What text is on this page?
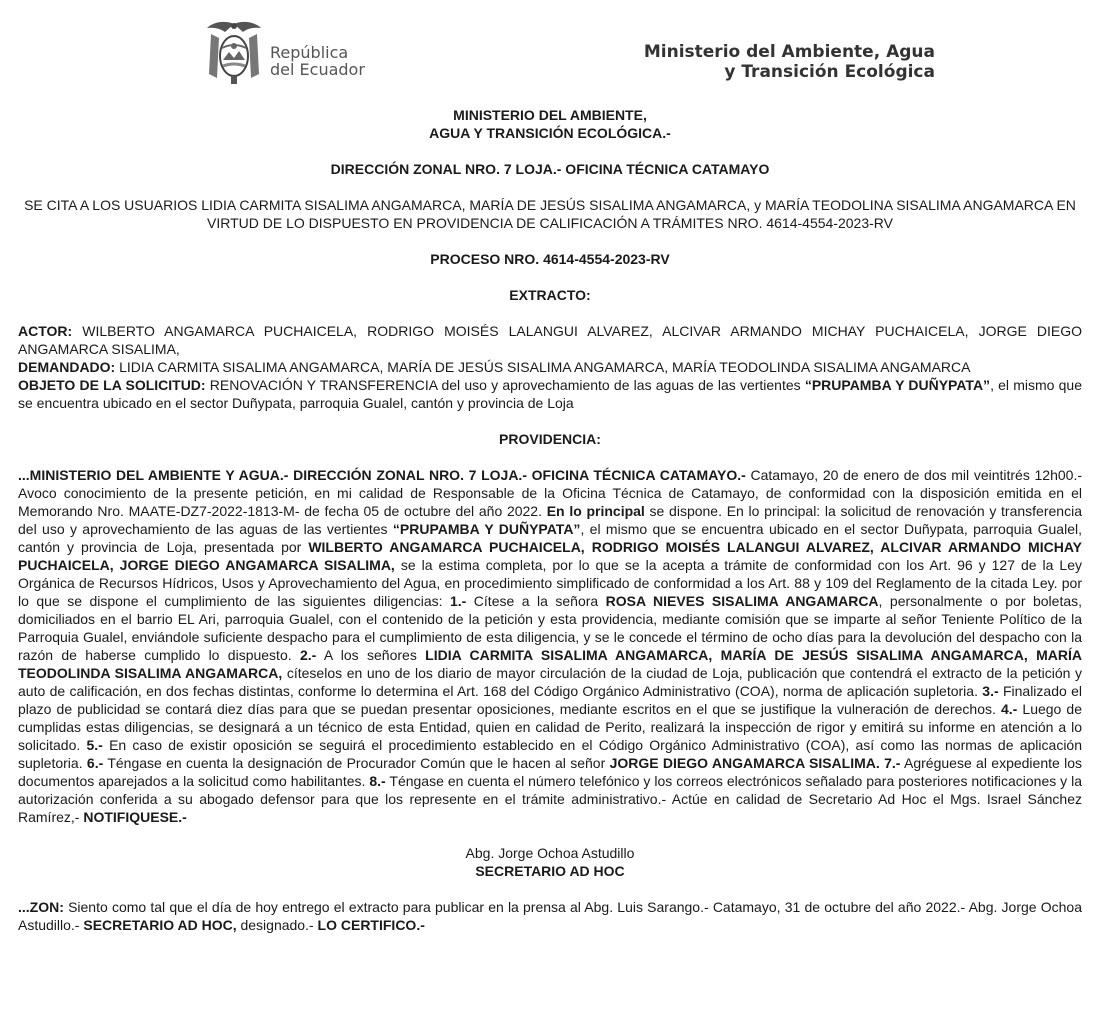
República
del Ecuador
Ministerio del Ambiente, Agua
y Transición Ecológica

MINISTERIO DEL AMBIENTE,

AGUA Y TRANSICIÓN ECOLÓGICA.-

DIRECCIÓN ZONAL NRO. 7 LOJA.- OFICINA TÉCNICA CATAMAYO

SE CITA A LOS USUARIOS LIDIA CARMITA SISALIMA ANGAMARCA, MARÍA DE JESÚS SISALIMA ANGAMARCA, y MARÍA TEODOLINA SISALIMA ANGAMARCA EN VIRTUD DE LO DISPUESTO EN PROVIDENCIA DE CALIFICACIÓN A TRÁMITES NRO. 4614-4554-2023-RV

PROCESO NRO. 4614-4554-2023-RV

EXTRACTO:

ACTOR: WILBERTO ANGAMARCA PUCHAICELA, RODRIGO MOISÉS LALANGUI ALVAREZ, ALCIVAR ARMANDO MICHAY PUCHAICELA, JORGE DIEGO ANGAMARCA SISALIMA,

DEMANDADO: LIDIA CARMITA SISALIMA ANGAMARCA, MARÍA DE JESÚS SISALIMA ANGAMARCA, MARÍA TEODOLINDA SISALIMA ANGAMARCA

OBJETO DE LA SOLICITUD: RENOVACIÓN Y TRANSFERENCIA del uso y aprovechamiento de las aguas de las vertientes “PRUPAMBA Y DUÑYPATA”, el mismo que se encuentra ubicado en el sector Duñypata, parroquia Gualel, cantón y provincia de Loja

PROVIDENCIA:

...MINISTERIO DEL AMBIENTE Y AGUA.- DIRECCIÓN ZONAL NRO. 7 LOJA.- OFICINA TÉCNICA CATAMAYO.- Catamayo, 20 de enero de dos mil veintitrés 12h00.- Avoco conocimiento de la presente petición, en mi calidad de Responsable de la Oficina Técnica de Catamayo, de conformidad con la disposición emitida en el Memorando Nro. MAATE-DZ7-2022-1813-M- de fecha 05 de octubre del año 2022. En lo principal se dispone. En lo principal: la solicitud de renovación y transferencia del uso y aprovechamiento de las aguas de las vertientes “PRUPAMBA Y DUÑYPATA”, el mismo que se encuentra ubicado en el sector Duñypata, parroquia Gualel, cantón y provincia de Loja, presentada por WILBERTO ANGAMARCA PUCHAICELA, RODRIGO MOISÉS LALANGUI ALVAREZ, ALCIVAR ARMANDO MICHAY PUCHAICELA, JORGE DIEGO ANGAMARCA SISALIMA, se la estima completa, por lo que se la acepta a trámite de conformidad con los Art. 96 y 127 de la Ley Orgánica de Recursos Hídricos, Usos y Aprovechamiento del Agua, en procedimiento simplificado de conformidad a los Art. 88 y 109 del Reglamento de la citada Ley. por lo que se dispone el cumplimiento de las siguientes diligencias: 1.- Cítese a la señora ROSA NIEVES SISALIMA ANGAMARCA, personalmente o por boletas, domiciliados en el barrio EL Ari, parroquia Gualel, con el contenido de la petición y esta providencia, mediante comisión que se imparte al señor Teniente Político de la Parroquia Gualel, enviándole suficiente despacho para el cumplimiento de esta diligencia, y se le concede el término de ocho días para la devolución del despacho con la razón de haberse cumplido lo dispuesto. 2.- A los señores LIDIA CARMITA SISALIMA ANGAMARCA, MARÍA DE JESÚS SISALIMA ANGAMARCA, MARÍA TEODOLINDA SISALIMA ANGAMARCA, cíteselos en uno de los diario de mayor circulación de la ciudad de Loja, publicación que contendrá el extracto de la petición y auto de calificación, en dos fechas distintas, conforme lo determina el Art. 168 del Código Orgánico Administrativo (COA), norma de aplicación supletoria. 3.- Finalizado el plazo de publicidad se contará diez días para que se puedan presentar oposiciones, mediante escritos en el que se justifique la vulneración de derechos. 4.- Luego de cumplidas estas diligencias, se designará a un técnico de esta Entidad, quien en calidad de Perito, realizará la inspección de rigor y emitirá su informe en atención a lo solicitado. 5.- En caso de existir oposición se seguirá el procedimiento establecido en el Código Orgánico Administrativo (COA), así como las normas de aplicación supletoria. 6.- Téngase en cuenta la designación de Procurador Común que le hacen al señor JORGE DIEGO ANGAMARCA SISALIMA. 7.- Agréguese al expediente los documentos aparejados a la solicitud como habilitantes. 8.- Téngase en cuenta el número telefónico y los correos electrónicos señalado para posteriores notificaciones y la autorización conferida a su abogado defensor para que los represente en el trámite administrativo.- Actúe en calidad de Secretario Ad Hoc el Mgs. Israel Sánchez Ramírez,- NOTIFIQUESE.-

Abg. Jorge Ochoa Astudillo

SECRETARIO AD HOC

...ZON: Siento como tal que el día de hoy entrego el extracto para publicar en la prensa al Abg. Luis Sarango.- Catamayo, 31 de octubre del año 2022.- Abg. Jorge Ochoa Astudillo.- SECRETARIO AD HOC, designado.- LO CERTIFICO.-
